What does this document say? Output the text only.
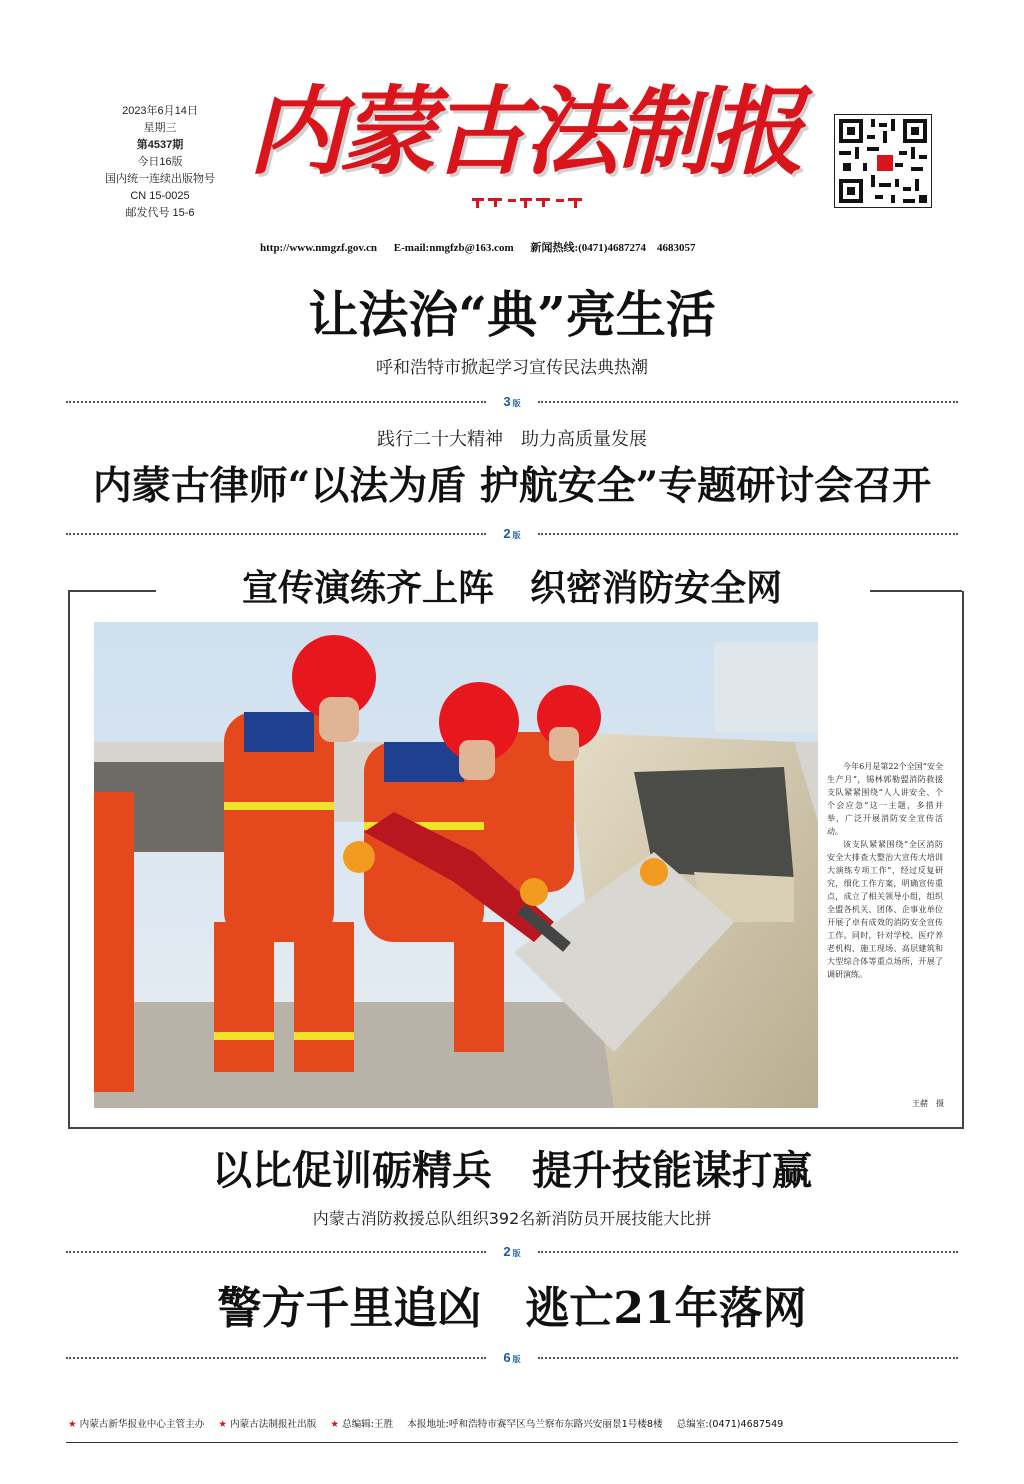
2023年6月14日
星期三
第4537期
今日16版
国内统一连续出版物号
CN 15-0025
邮发代号 15-6
内蒙古法制报
http://www.nmgzf.gov.cn E-mail:nmgfzb@163.com 新闻热线:(0471)4687274　4683057
让法治“典”亮生活
呼和浩特市掀起学习宣传民法典热潮
3 版
践行二十大精神　助力高质量发展
内蒙古律师“以法为盾 护航安全”专题研讨会召开
2 版
宣传演练齐上阵　织密消防安全网

今年6月是第22个全国“安全生产月”，锡林郭勒盟消防救援支队紧紧围绕“人人讲安全、个个会应急”这一主题，多措并举，广泛开展消防安全宣传活动。

该支队紧紧围绕“全区消防安全大排查大整治大宣传大培训大演练专项工作”，经过反复研究，细化工作方案，明确宣传重点，成立了相关领导小组，组织全盟各机关、团体、企事业单位开展了卓有成效的消防安全宣传工作。同时，针对学校、医疗养老机构、施工现场、高层建筑和大型综合体等重点场所，开展了调研演练。

王赭　摄
以比促训砺精兵　提升技能谋打赢
内蒙古消防救援总队组织392名新消防员开展技能大比拼
2 版
警方千里追凶　逃亡21年落网
6 版
★ 内蒙古新华报业中心主管主办 ★ 内蒙古法制报社出版 ★ 总编辑:王胜 本报地址:呼和浩特市赛罕区乌兰察布东路兴安丽景1号楼8楼 总编室:(0471)4687549
